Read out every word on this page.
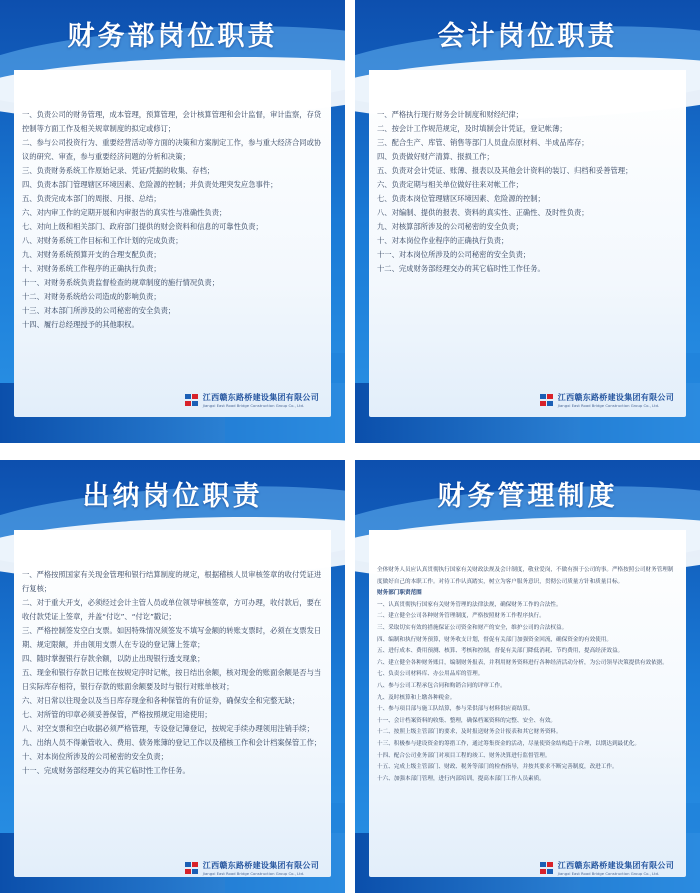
财务部岗位职责

一、负责公司的财务管理，成本管理，预算管理，会计核算管理和会计监督，审计监察，存货控制等方面工作及相关规章制度的拟定或修订；

二、参与公司投资行为、重要经营活动等方面的决策和方案制定工作，参与重大经济合同或协议的研究、审查，参与重要经济问题的分析和决策；

三、负责财务系统工作原始记录、凭证/凭据的收集、存档；

四、负责本部门管理辖区环境因素、危险源的控制；并负责处理突发应急事件；

五、负责完成本部门的周报、月报、总结；

六、对内审工作的定期开展和内审报告的真实性与准确性负责；

七、对向上级和相关部门、政府部门提供的财会资料和信息的可靠性负责；

八、对财务系统工作目标和工作计划的完成负责；

九、对财务系统预算开支的合理支配负责；

十、对财务系统工作程序的正确执行负责；

十一、对财务系统负责监督检查的规章制度的施行情况负责；

十二、对财务系统给公司造成的影响负责；

十三、对本部门所涉及的公司秘密的安全负责；

十四、履行总经理授予的其他职权。

江西赣东路桥建设集团有限公司
Jiangxi East Road Bridge Construction Group Co., Ltd.
会计岗位职责

一、严格执行现行财务会计制度和财经纪律；

二、按会计工作规范规定，及时填制会计凭证，登记帐薄；

三、配合生产、库管、销售等部门人员盘点原材料、半成品库存；

四、负责做好财产清算、报损工作；

五、负责对会计凭证、账薄、报表以及其他会计资料的装订、归档和妥善管理；

六、负责定期与相关单位做好往来对帐工作；

七、负责本岗位管理辖区环境因素、危险源的控制；

八、对编制、提供的报表、资料的真实性、正确性、及时性负责；

九、对核算部所涉及的公司秘密的安全负责；

十、对本岗位作业程序的正确执行负责；

十一、对本岗位所涉及的公司秘密的安全负责；

十二、完成财务部经理交办的其它临时性工作任务。

江西赣东路桥建设集团有限公司
Jiangxi East Road Bridge Construction Group Co., Ltd.
出纳岗位职责

一、严格按照国家有关现金管理和银行结算制度的规定，根据稽核人员审核签章的收付凭证进行复核；

二、对于重大开支，必须经过会计主管人员或单位领导审核签章，方可办理，收付款后，要在收付款凭证上签章，并盖“付讫”、“付讫”戳记；

三、严格控制签发空白支票。如因特殊情况须签发不填写金额的转账支票时，必须在支票发日期、规定限额，并由领用支票人在专设的登记簿上签章；

四、随时掌握银行存款余额，以防止出现银行透支现象；

五、现金和银行存款日记账在按规定序时记帐，按日结出余额，核对现金的账面余额是否与当日实际库存相符，银行存款的账面余额要及时与银行对账单核对；

六、对日常以往现金以及当日库存现金和各种保管的有价证券，确保安全和完整无缺；

七、对所管的印章必须妥善保管，严格按照规定用途使用；

八、对空支票和空白收据必须严格管理，专设登记簿登记，按规定手续办理领用注销手续；

九、出纳人员不得兼管收入、费用、债务账簿的登记工作以及稽核工作和会计档案保管工作；

十、对本岗位所涉及的公司秘密的安全负责；

十一、完成财务部经理交办的其它临时性工作任务。

江西赣东路桥建设集团有限公司
Jiangxi East Road Bridge Construction Group Co., Ltd.
财务管理制度

全体财务人员应认真贯彻执行国家有关财政法规及会计制度，敬业爱岗，不做有损于公司的事。严格按照公司财务管理制度做好自己的本职工作。对待工作认真踏实，树立为客户服务意识，贯彻公司质量方针和质量目标。

财务部门职责范围

一、认真贯彻执行国家有关财务管理的法律法规，确保财务工作的合法性。

二、建立健全公司各种财务管理制度，严格按照财务工作程序执行。

三、采取切实有效的措施保证公司资金和财产的安全，维护公司的合法权益。

四、编制和执行财务预算，财务收支计划，督促有关部门加强资金回流，确保资金的有效使用。

五、进行成本、费用预测、核算、考核和控制，督促有关部门降低消耗、节约费用，提高经济效益。

六、建立健全各种财务账目，编制财务报表，并利用财务资料进行各种经济活动分析，为公司领导决策提供有效依据。

七、负责公司材料库、办公用品库的管理。

八、参与公司工程承包合同和购销合同的评审工作。

九、及时核算和上缴各种税金。

十、参与项目部与施工队结算，参与采供部与材料供应商结算。

十一、会计档案资料的收集、整理，确保档案资料的完整、安全、有效。

十二、按照上级主管部门的要求，及时报送财务会计报表和其它财务资料。

十三、积极参与建设资金的筹措工作，通过筹集资金的活动，尽量使资金结构趋于合理，以期达到最优化。

十四、配合公司业务部门对项目工程的竣工、财务决算进行监督管理。

十五、完成上级主管部门、财政、税务等部门的检查指导，并按其要求不断完善制度，改进工作。

十六、加强本部门管理，进行内部培训，提高本部门工作人员素质。

江西赣东路桥建设集团有限公司
Jiangxi East Road Bridge Construction Group Co., Ltd.
